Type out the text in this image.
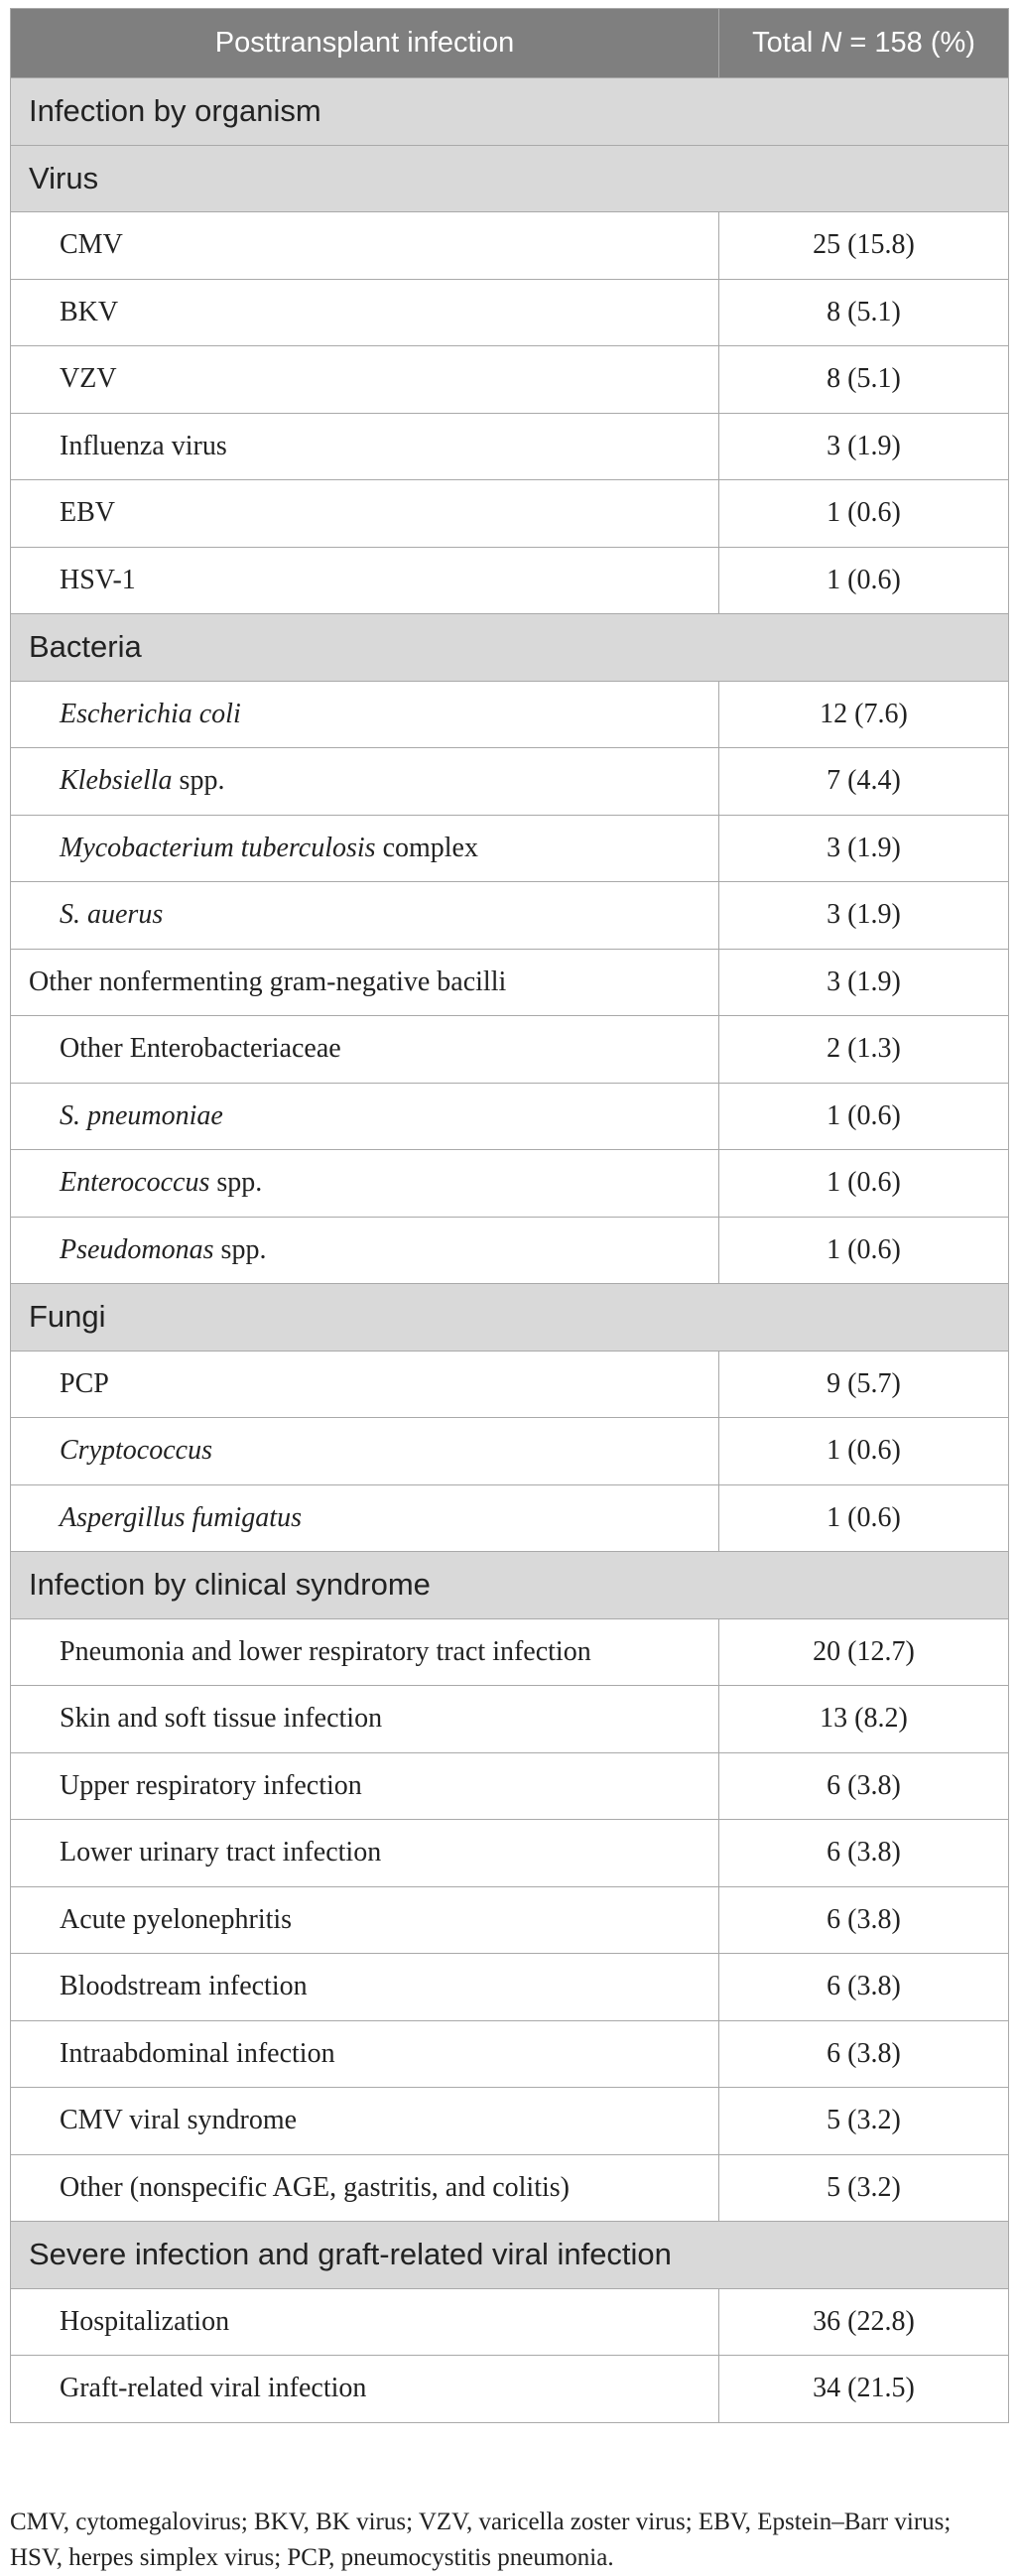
Posttransplant infection	Total N = 158 (%)
Infection by organism	
Virus	
CMV	25 (15.8)
BKV	8 (5.1)
VZV	8 (5.1)
Influenza virus	3 (1.9)
EBV	1 (0.6)
HSV-1	1 (0.6)
Bacteria	
Escherichia coli	12 (7.6)
Klebsiella spp.	7 (4.4)
Mycobacterium tuberculosis complex	3 (1.9)
S. auerus	3 (1.9)
Other nonfermenting gram-negative bacilli	3 (1.9)
Other Enterobacteriaceae	2 (1.3)
S. pneumoniae	1 (0.6)
Enterococcus spp.	1 (0.6)
Pseudomonas spp.	1 (0.6)
Fungi	
PCP	9 (5.7)
Cryptococcus	1 (0.6)
Aspergillus fumigatus	1 (0.6)
Infection by clinical syndrome	
Pneumonia and lower respiratory tract infection	20 (12.7)
Skin and soft tissue infection	13 (8.2)
Upper respiratory infection	6 (3.8)
Lower urinary tract infection	6 (3.8)
Acute pyelonephritis	6 (3.8)
Bloodstream infection	6 (3.8)
Intraabdominal infection	6 (3.8)
CMV viral syndrome	5 (3.2)
Other (nonspecific AGE, gastritis, and colitis)	5 (3.2)
Severe infection and graft-related viral infection	
Hospitalization	36 (22.8)
Graft-related viral infection	34 (21.5)
CMV, cytomegalovirus; BKV, BK virus; VZV, varicella zoster virus; EBV, Epstein–Barr virus; HSV, herpes simplex virus; PCP, pneumocystitis pneumonia.
